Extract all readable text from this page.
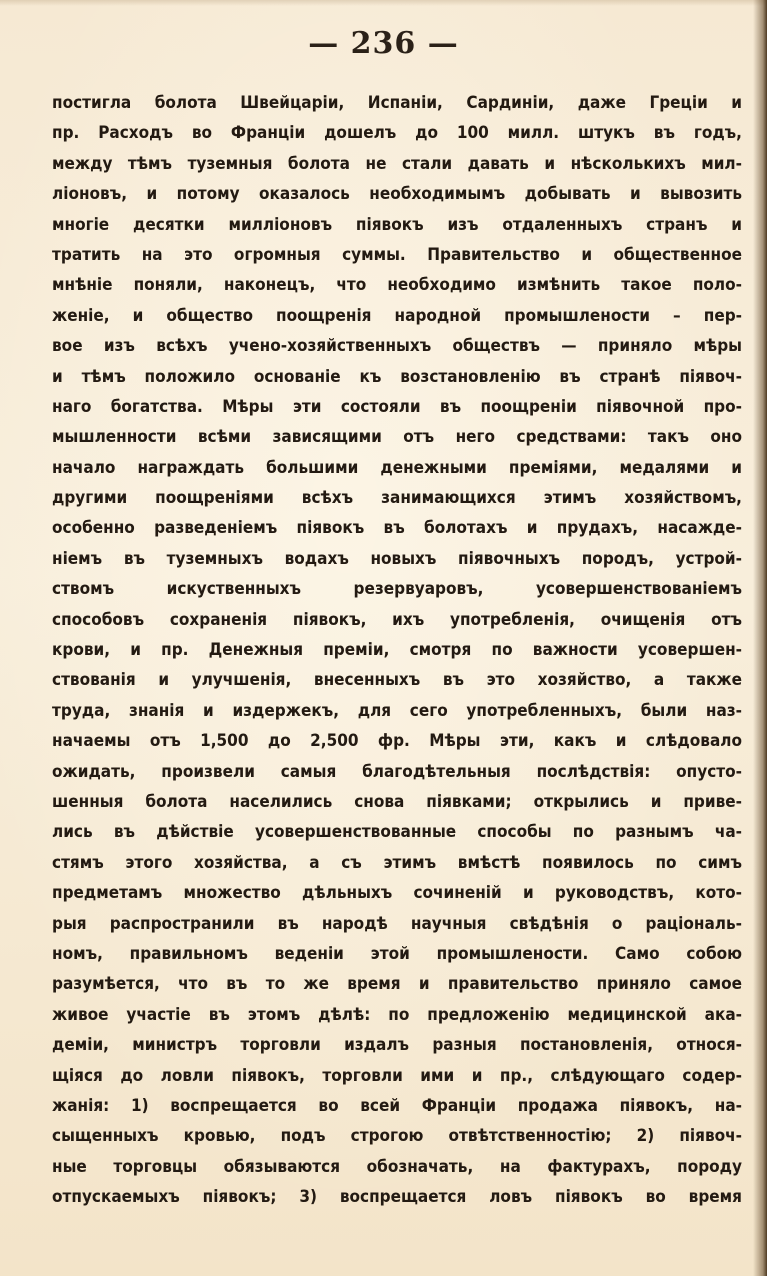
— 236 —
постигла болота Швейцаріи, Испаніи, Сардиніи, даже Греціи и
пр. Расходъ во Франціи дошелъ до 100 милл. штукъ въ годъ,
между тѣмъ туземныя болота не стали давать и нѣсколькихъ мил-
ліоновъ, и потому оказалось необходимымъ добывать и вывозить
многіе десятки милліоновъ піявокъ изъ отдаленныхъ странъ и
тратить на это огромныя суммы. Правительство и общественное
мнѣніе поняли, наконецъ, что необходимо измѣнить такое поло-
женіе, и общество поощренія народной промышлености – пер-
вое изъ всѣхъ учено-хозяйственныхъ обществъ — приняло мѣры
и тѣмъ положило основаніе къ возстановленію въ странѣ піявоч-
наго богатства. Мѣры эти состояли въ поощреніи піявочной про-
мышленности всѣми зависящими отъ него средствами: такъ оно
начало награждать большими денежными преміями, медалями и
другими поощреніями всѣхъ занимающихся этимъ хозяйствомъ,
особенно разведеніемъ піявокъ въ болотахъ и прудахъ, насажде-
ніемъ въ туземныхъ водахъ новыхъ піявочныхъ породъ, устрой-
ствомъ искуственныхъ резервуаровъ, усовершенствованіемъ
способовъ сохраненія піявокъ, ихъ употребленія, очищенія отъ
крови, и пр. Денежныя преміи, смотря по важности усовершен-
ствованія и улучшенія, внесенныхъ въ это хозяйство, а также
труда, знанія и издержекъ, для сего употребленныхъ, были наз-
начаемы отъ 1,500 до 2,500 фр. Мѣры эти, какъ и слѣдовало
ожидать, произвели самыя благодѣтельныя послѣдствія: опусто-
шенныя болота населились снова піявками; открылись и приве-
лись въ дѣйствіе усовершенствованные способы по разнымъ ча-
стямъ этого хозяйства, а съ этимъ вмѣстѣ появилось по симъ
предметамъ множество дѣльныхъ сочиненій и руководствъ, кото-
рыя распространили въ народѣ научныя свѣдѣнія о раціональ-
номъ, правильномъ веденіи этой промышлености. Само собою
разумѣется, что въ то же время и правительство приняло самое
живое участіе въ этомъ дѣлѣ: по предложенію медицинской ака-
деміи, министръ торговли издалъ разныя постановленія, относя-
щіяся до ловли піявокъ, торговли ими и пр., слѣдующаго содер-
жанія: 1) воспрещается во всей Франціи продажа піявокъ, на-
сыщенныхъ кровью, подъ строгою отвѣтственностію; 2) піявоч-
ные торговцы обязываются обозначать, на фактурахъ, породу
отпускаемыхъ піявокъ; 3) воспрещается ловъ піявокъ во время
